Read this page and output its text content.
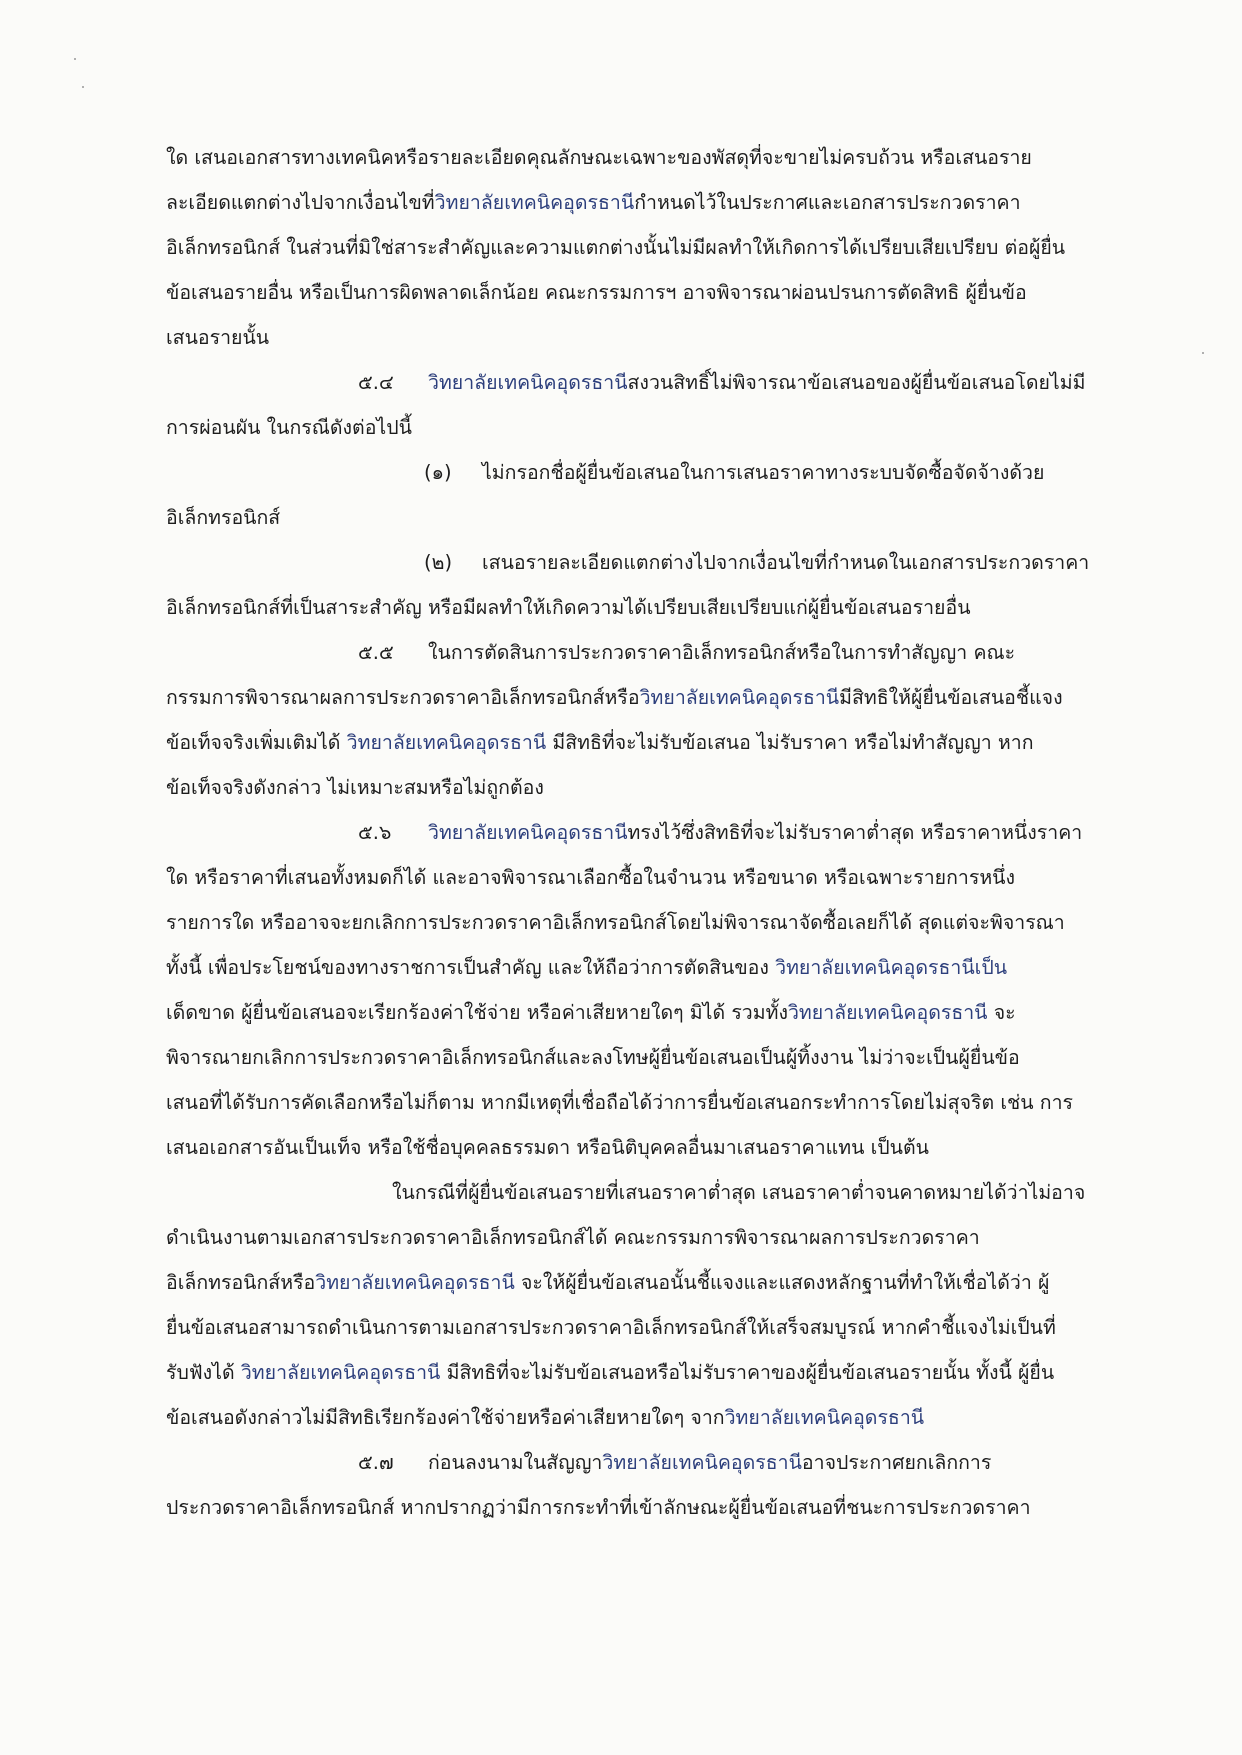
ใด เสนอเอกสารทางเทคนิคหรือรายละเอียดคุณลักษณะเฉพาะของพัสดุที่จะขายไม่ครบถ้วน หรือเสนอราย
ละเอียดแตกต่างไปจากเงื่อนไขที่วิทยาลัยเทคนิคอุดรธานีกำหนดไว้ในประกาศและเอกสารประกวดราคา
อิเล็กทรอนิกส์ ในส่วนที่มิใช่สาระสำคัญและความแตกต่างนั้นไม่มีผลทำให้เกิดการได้เปรียบเสียเปรียบ ต่อผู้ยื่น
ข้อเสนอรายอื่น หรือเป็นการผิดพลาดเล็กน้อย คณะกรรมการฯ อาจพิจารณาผ่อนปรนการตัดสิทธิ ผู้ยื่นข้อ
เสนอรายนั้น
๕.๔ วิทยาลัยเทคนิคอุดรธานีสงวนสิทธิ์ไม่พิจารณาข้อเสนอของผู้ยื่นข้อเสนอโดยไม่มี
การผ่อนผัน ในกรณีดังต่อไปนี้
(๑) ไม่กรอกชื่อผู้ยื่นข้อเสนอในการเสนอราคาทางระบบจัดซื้อจัดจ้างด้วย
อิเล็กทรอนิกส์
(๒) เสนอรายละเอียดแตกต่างไปจากเงื่อนไขที่กำหนดในเอกสารประกวดราคา
อิเล็กทรอนิกส์ที่เป็นสาระสำคัญ หรือมีผลทำให้เกิดความได้เปรียบเสียเปรียบแก่ผู้ยื่นข้อเสนอรายอื่น
๕.๕ ในการตัดสินการประกวดราคาอิเล็กทรอนิกส์หรือในการทำสัญญา คณะ
กรรมการพิจารณาผลการประกวดราคาอิเล็กทรอนิกส์หรือวิทยาลัยเทคนิคอุดรธานีมีสิทธิให้ผู้ยื่นข้อเสนอชี้แจง
ข้อเท็จจริงเพิ่มเติมได้ วิทยาลัยเทคนิคอุดรธานี มีสิทธิที่จะไม่รับข้อเสนอ ไม่รับราคา หรือไม่ทำสัญญา หาก
ข้อเท็จจริงดังกล่าว ไม่เหมาะสมหรือไม่ถูกต้อง
๕.๖ วิทยาลัยเทคนิคอุดรธานีทรงไว้ซึ่งสิทธิที่จะไม่รับราคาต่ำสุด หรือราคาหนึ่งราคา
ใด หรือราคาที่เสนอทั้งหมดก็ได้ และอาจพิจารณาเลือกซื้อในจำนวน หรือขนาด หรือเฉพาะรายการหนึ่ง
รายการใด หรืออาจจะยกเลิกการประกวดราคาอิเล็กทรอนิกส์โดยไม่พิจารณาจัดซื้อเลยก็ได้ สุดแต่จะพิจารณา
ทั้งนี้ เพื่อประโยชน์ของทางราชการเป็นสำคัญ และให้ถือว่าการตัดสินของ วิทยาลัยเทคนิคอุดรธานีเป็น
เด็ดขาด ผู้ยื่นข้อเสนอจะเรียกร้องค่าใช้จ่าย หรือค่าเสียหายใดๆ มิได้ รวมทั้งวิทยาลัยเทคนิคอุดรธานี จะ
พิจารณายกเลิกการประกวดราคาอิเล็กทรอนิกส์และลงโทษผู้ยื่นข้อเสนอเป็นผู้ทิ้งงาน ไม่ว่าจะเป็นผู้ยื่นข้อ
เสนอที่ได้รับการคัดเลือกหรือไม่ก็ตาม หากมีเหตุที่เชื่อถือได้ว่าการยื่นข้อเสนอกระทำการโดยไม่สุจริต เช่น การ
เสนอเอกสารอันเป็นเท็จ หรือใช้ชื่อบุคคลธรรมดา หรือนิติบุคคลอื่นมาเสนอราคาแทน เป็นต้น
ในกรณีที่ผู้ยื่นข้อเสนอรายที่เสนอราคาต่ำสุด เสนอราคาต่ำจนคาดหมายได้ว่าไม่อาจ
ดำเนินงานตามเอกสารประกวดราคาอิเล็กทรอนิกส์ได้ คณะกรรมการพิจารณาผลการประกวดราคา
อิเล็กทรอนิกส์หรือวิทยาลัยเทคนิคอุดรธานี จะให้ผู้ยื่นข้อเสนอนั้นชี้แจงและแสดงหลักฐานที่ทำให้เชื่อได้ว่า ผู้
ยื่นข้อเสนอสามารถดำเนินการตามเอกสารประกวดราคาอิเล็กทรอนิกส์ให้เสร็จสมบูรณ์ หากคำชี้แจงไม่เป็นที่
รับฟังได้ วิทยาลัยเทคนิคอุดรธานี มีสิทธิที่จะไม่รับข้อเสนอหรือไม่รับราคาของผู้ยื่นข้อเสนอรายนั้น ทั้งนี้ ผู้ยื่น
ข้อเสนอดังกล่าวไม่มีสิทธิเรียกร้องค่าใช้จ่ายหรือค่าเสียหายใดๆ จากวิทยาลัยเทคนิคอุดรธานี
๕.๗ ก่อนลงนามในสัญญาวิทยาลัยเทคนิคอุดรธานีอาจประกาศยกเลิกการ
ประกวดราคาอิเล็กทรอนิกส์ หากปรากฏว่ามีการกระทำที่เข้าลักษณะผู้ยื่นข้อเสนอที่ชนะการประกวดราคา
